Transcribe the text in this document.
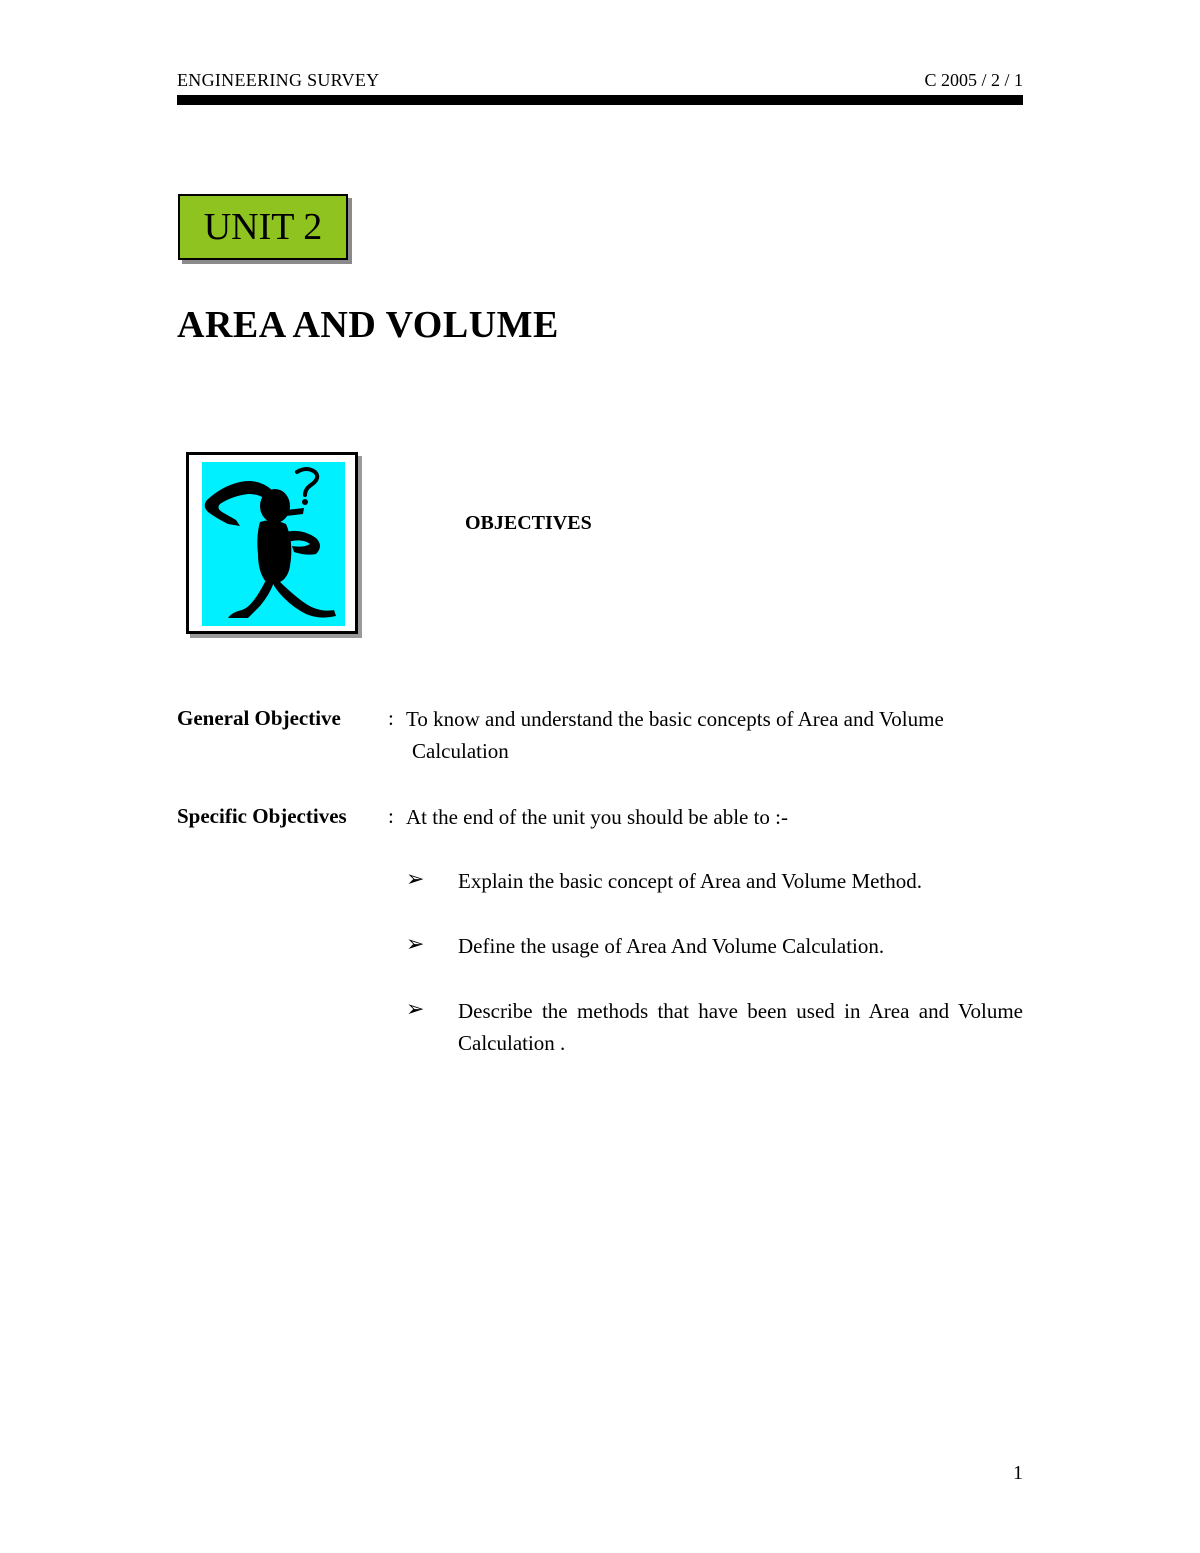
ENGINEERING SURVEY	C 2005 / 2 / 1
UNIT 2
AREA AND VOLUME
OBJECTIVES
General Objective : To know and understand the basic concepts of Area and Volume
Calculation
Specific Objectives : At the end of the unit you should be able to :-
➢ Explain the basic concept of Area and Volume Method.
➢ Define the usage of Area And Volume Calculation.
➢ Describe the methods that have been used in Area and Volume Calculation .
1
